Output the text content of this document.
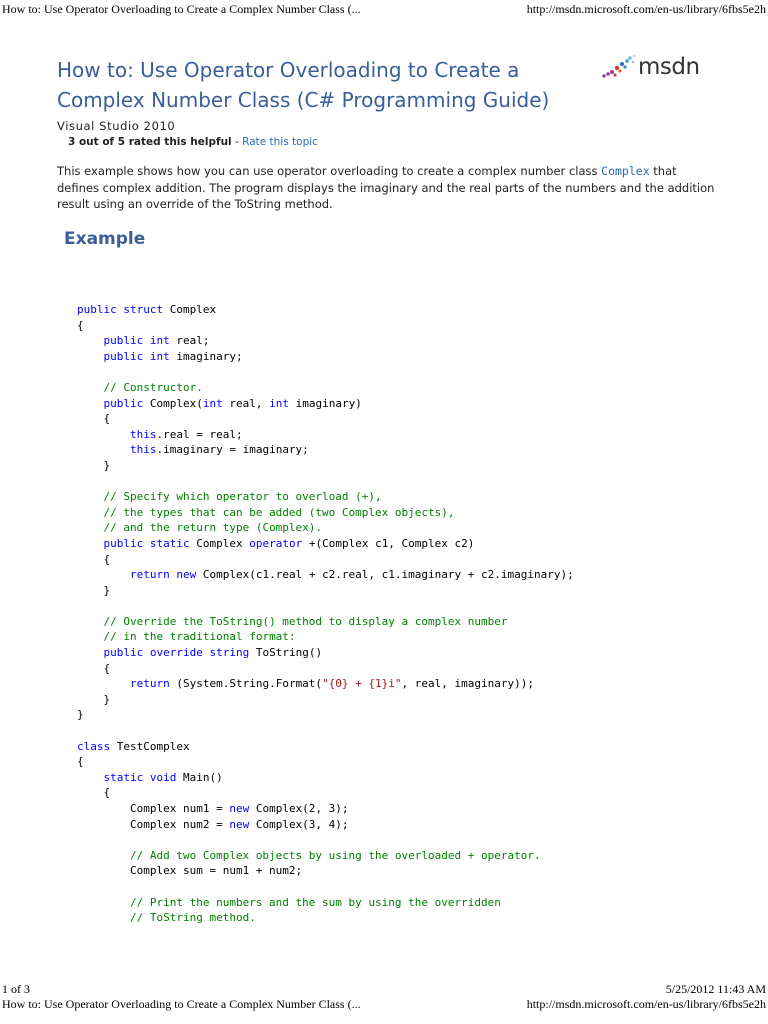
How to: Use Operator Overloading to Create a Complex Number Class (...	http://msdn.microsoft.com/en-us/library/6fbs5e2h
How to: Use Operator Overloading to Create a Complex Number Class (C# Programming Guide)
msdn
Visual Studio 2010
3 out of 5 rated this helpful - Rate this topic
This example shows how you can use operator overloading to create a complex number class Complex that defines complex addition. The program displays the imaginary and the real parts of the numbers and the addition result using an override of the ToString method.
Example
public struct Complex
{
public int real;
public int imaginary;
// Constructor.
public Complex(int real, int imaginary)
{
this.real = real;
this.imaginary = imaginary;
}
// Specify which operator to overload (+),
// the types that can be added (two Complex objects),
// and the return type (Complex).
public static Complex operator +(Complex c1, Complex c2)
{
return new Complex(c1.real + c2.real, c1.imaginary + c2.imaginary);
}
// Override the ToString() method to display a complex number
// in the traditional format:
public override string ToString()
{
return (System.String.Format("{0} + {1}i", real, imaginary));
}
}
class TestComplex
{
static void Main()
{
Complex num1 = new Complex(2, 3);
Complex num2 = new Complex(3, 4);
// Add two Complex objects by using the overloaded + operator.
Complex sum = num1 + num2;
// Print the numbers and the sum by using the overridden
// ToString method.
1 of 3	5/25/2012 11:43 AM
How to: Use Operator Overloading to Create a Complex Number Class (...	http://msdn.microsoft.com/en-us/library/6fbs5e2h
